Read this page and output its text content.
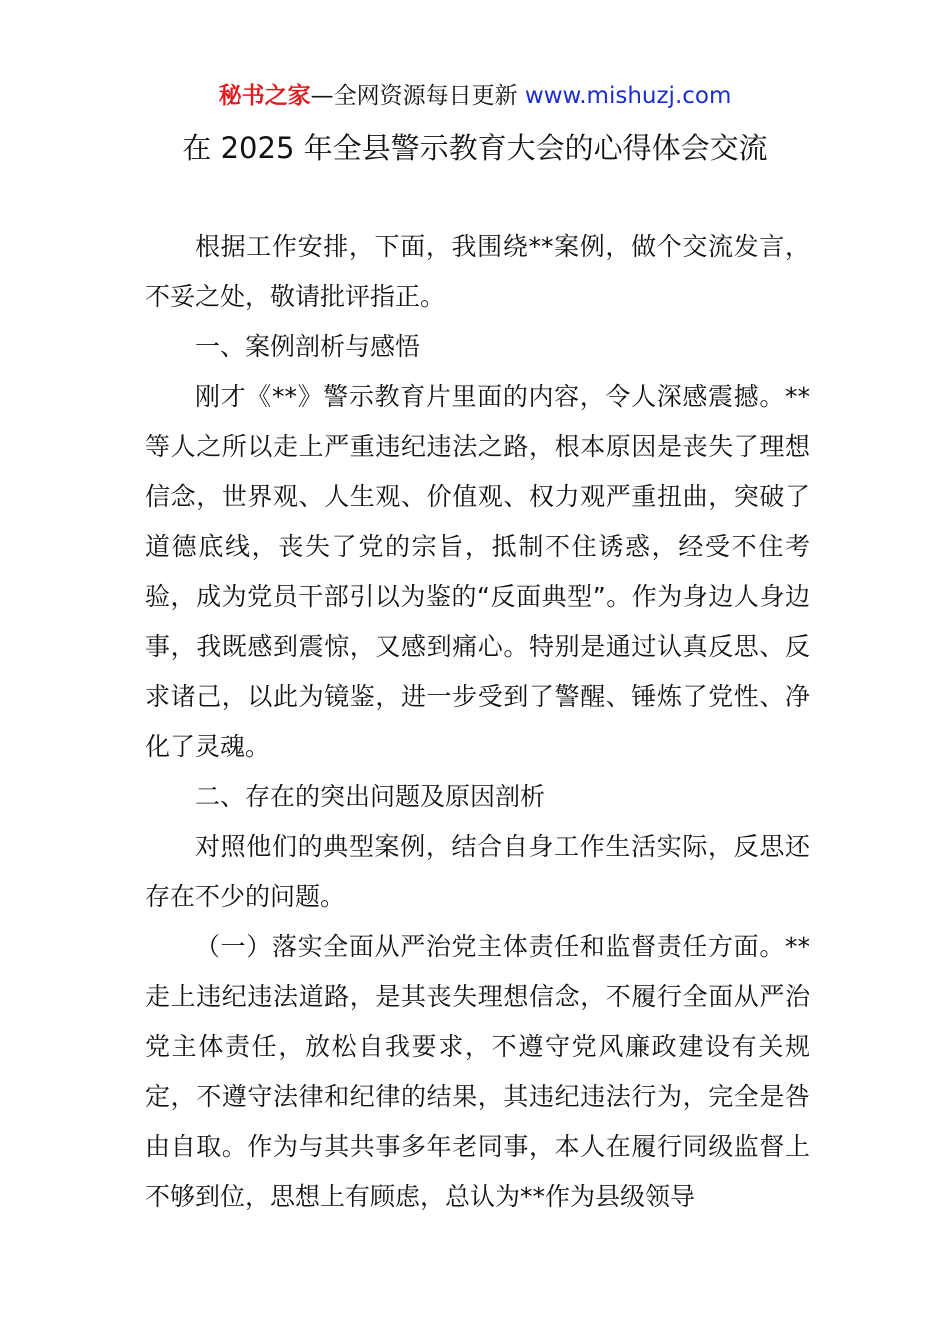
秘书之家—全网资源每日更新 www.mishuzj.com
在 2025 年全县警示教育大会的心得体会交流

根据工作安排，下面，我围绕**案例，做个交流发言，不妥之处，敬请批评指正。

一、案例剖析与感悟

刚才《**》警示教育片里面的内容，令人深感震撼。**等人之所以走上严重违纪违法之路，根本原因是丧失了理想信念，世界观、人生观、价值观、权力观严重扭曲，突破了道德底线，丧失了党的宗旨，抵制不住诱惑，经受不住考验，成为党员干部引以为鉴的“反面典型”。作为身边人身边事，我既感到震惊，又感到痛心。特别是通过认真反思、反求诸己，以此为镜鉴，进一步受到了警醒、锤炼了党性、净化了灵魂。

二、存在的突出问题及原因剖析

对照他们的典型案例，结合自身工作生活实际，反思还存在不少的问题。

（一）落实全面从严治党主体责任和监督责任方面。**走上违纪违法道路，是其丧失理想信念，不履行全面从严治党主体责任，放松自我要求，不遵守党风廉政建设有关规定，不遵守法律和纪律的结果，其违纪违法行为，完全是咎由自取。作为与其共事多年老同事，本人在履行同级监督上不够到位，思想上有顾虑，总认为**作为县级领导
